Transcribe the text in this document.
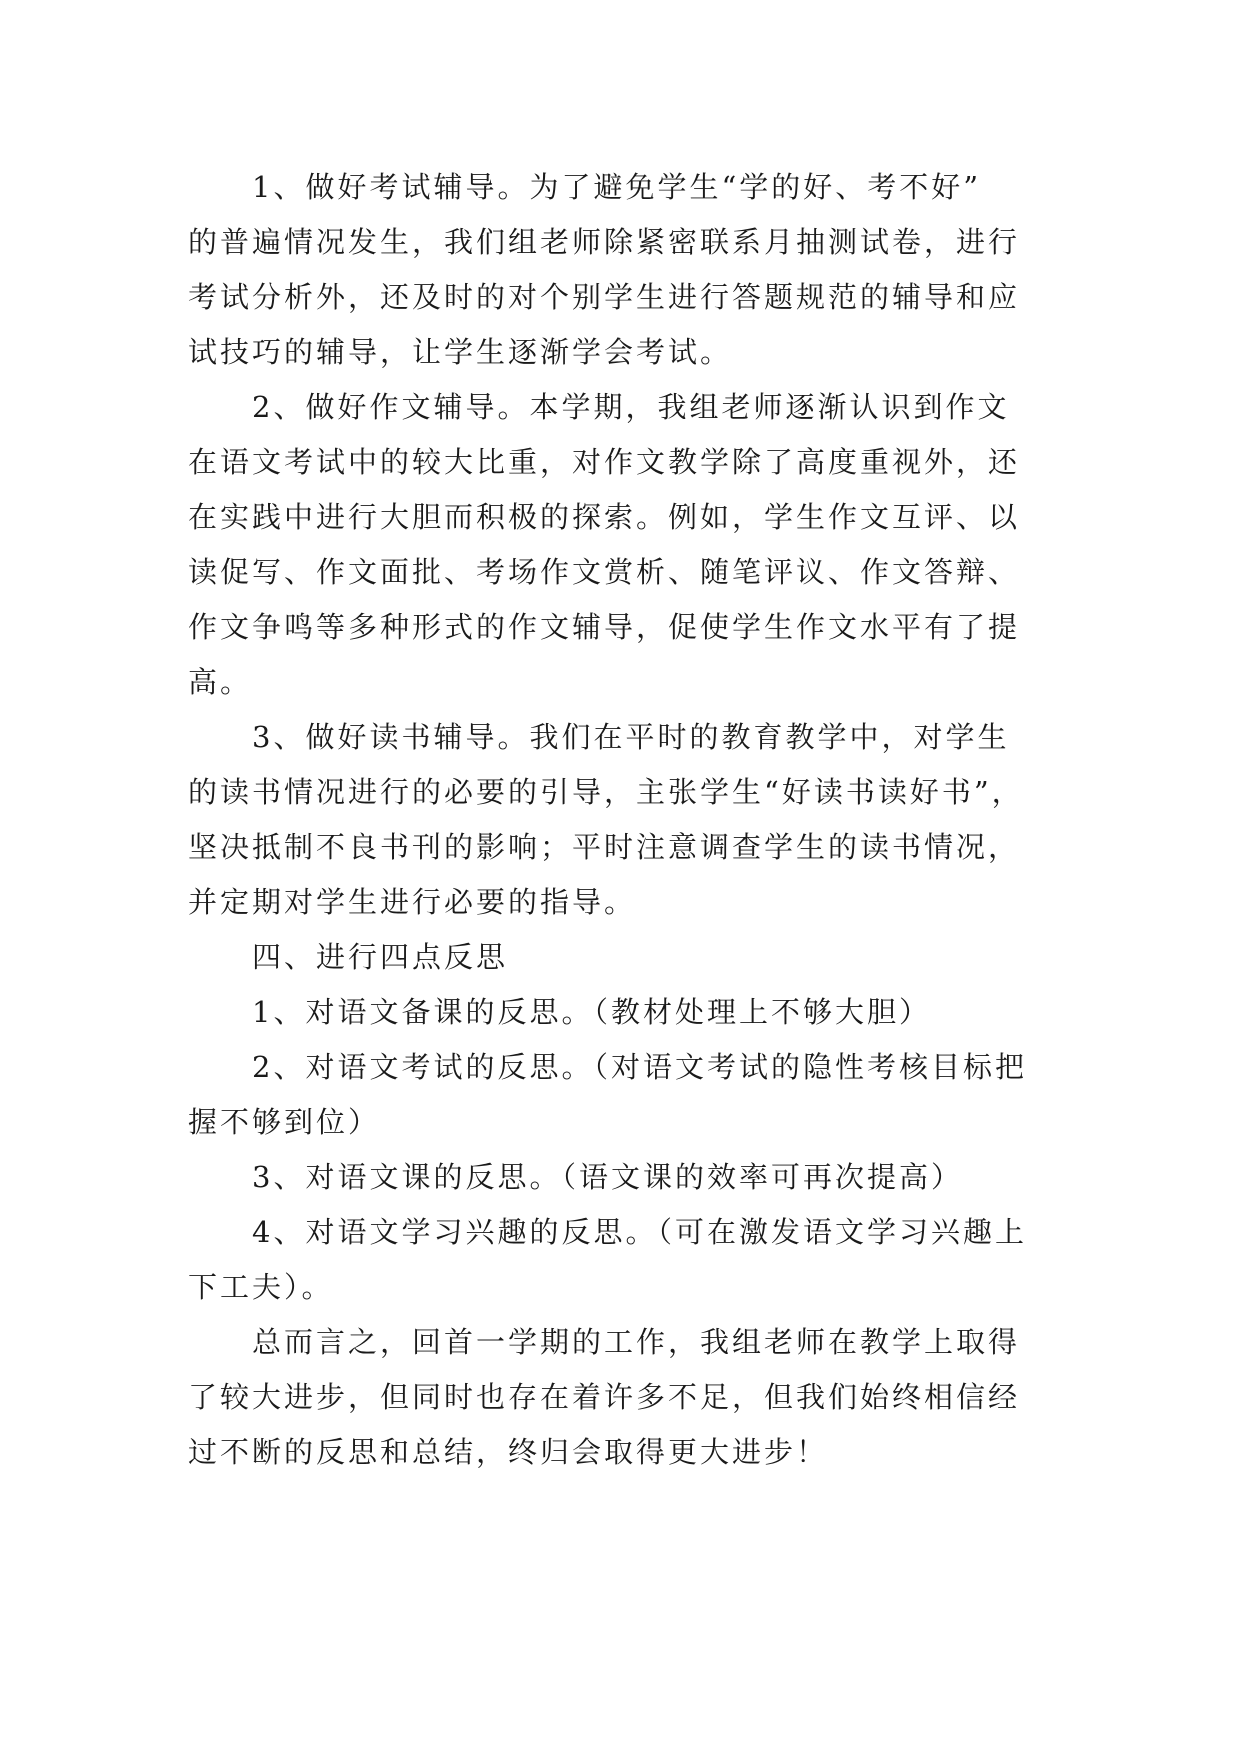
1、做好考试辅导。为了避免学生“学的好、考不好”
的普遍情况发生，我们组老师除紧密联系月抽测试卷，进行
考试分析外，还及时的对个别学生进行答题规范的辅导和应
试技巧的辅导，让学生逐渐学会考试。
2、做好作文辅导。本学期，我组老师逐渐认识到作文
在语文考试中的较大比重，对作文教学除了高度重视外，还
在实践中进行大胆而积极的探索。例如，学生作文互评、以
读促写、作文面批、考场作文赏析、随笔评议、作文答辩、
作文争鸣等多种形式的作文辅导，促使学生作文水平有了提
高。
3、做好读书辅导。我们在平时的教育教学中，对学生
的读书情况进行的必要的引导，主张学生“好读书读好书”，
坚决抵制不良书刊的影响；平时注意调查学生的读书情况，
并定期对学生进行必要的指导。
四、进行四点反思
1、对语文备课的反思。（教材处理上不够大胆）
2、对语文考试的反思。（对语文考试的隐性考核目标把
握不够到位）
3、对语文课的反思。（语文课的效率可再次提高）
4、对语文学习兴趣的反思。（可在激发语文学习兴趣上
下工夫）。
总而言之，回首一学期的工作，我组老师在教学上取得
了较大进步，但同时也存在着许多不足，但我们始终相信经
过不断的反思和总结，终归会取得更大进步！
